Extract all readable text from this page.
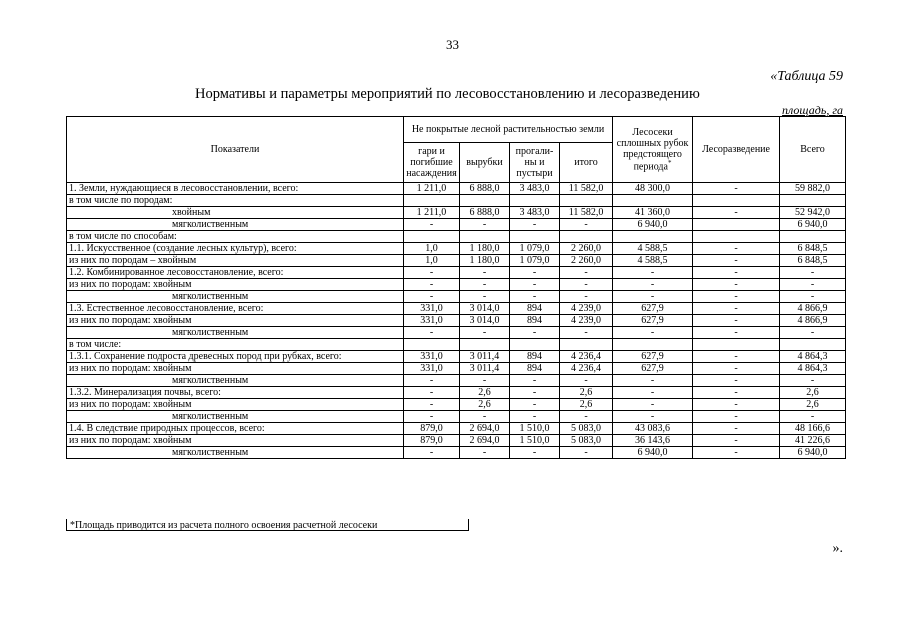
33
«Таблица 59
Нормативы и параметры мероприятий по лесовосстановлению и лесоразведению
площадь, га
Показатели	Не покрытые лесной растительностью земли				Лесосеки сплошных рубок предстоящего периода*	Лесоразведение	Всего
	гари и погибшие насаждения	вырубки	прогали-ны и пустыри	итого			
1. Земли, нуждающиеся в лесовосстановлении, всего:	1 211,0	6 888,0	3 483,0	11 582,0	48 300,0	-	59 882,0
в том числе по породам:							
хвойным	1 211,0	6 888,0	3 483,0	11 582,0	41 360,0	-	52 942,0
мягколиственным	-	-	-	-	6 940,0		6 940,0
в том числе по способам:							
1.1. Искусственное (создание лесных культур), всего:	1,0	1 180,0	1 079,0	2 260,0	4 588,5	-	6 848,5
из них по породам – хвойным	1,0	1 180,0	1 079,0	2 260,0	4 588,5	-	6 848,5
1.2. Комбинированное лесовосстановление, всего:	-	-	-	-	-	-	-
из них по породам: хвойным	-	-	-	-	-	-	-
мягколиственным	-	-	-	-	-	-	-
1.3. Естественное лесовосстановление, всего:	331,0	3 014,0	894	4 239,0	627,9	-	4 866,9
из них по породам: хвойным	331,0	3 014,0	894	4 239,0	627,9	-	4 866,9
мягколиственным	-	-	-	-	-	-	-
в том числе:							
1.3.1. Сохранение подроста древесных пород при рубках, всего:	331,0	3 011,4	894	4 236,4	627,9	-	4 864,3
из них по породам: хвойным	331,0	3 011,4	894	4 236,4	627,9	-	4 864,3
мягколиственным	-	-	-	-	-	-	-
1.3.2. Минерализация почвы, всего:	-	2,6	-	2,6	-	-	2,6
из них по породам: хвойным	-	2,6	-	2,6	-	-	2,6
мягколиственным	-	-	-	-	-	-	-
1.4. В следствие природных процессов, всего:	879,0	2 694,0	1 510,0	5 083,0	43 083,6	-	48 166,6
из них по породам: хвойным	879,0	2 694,0	1 510,0	5 083,0	36 143,6	-	41 226,6
мягколиственным	-	-	-	-	6 940,0	-	6 940,0
*Площадь приводится из расчета полного освоения расчетной лесосеки
».
